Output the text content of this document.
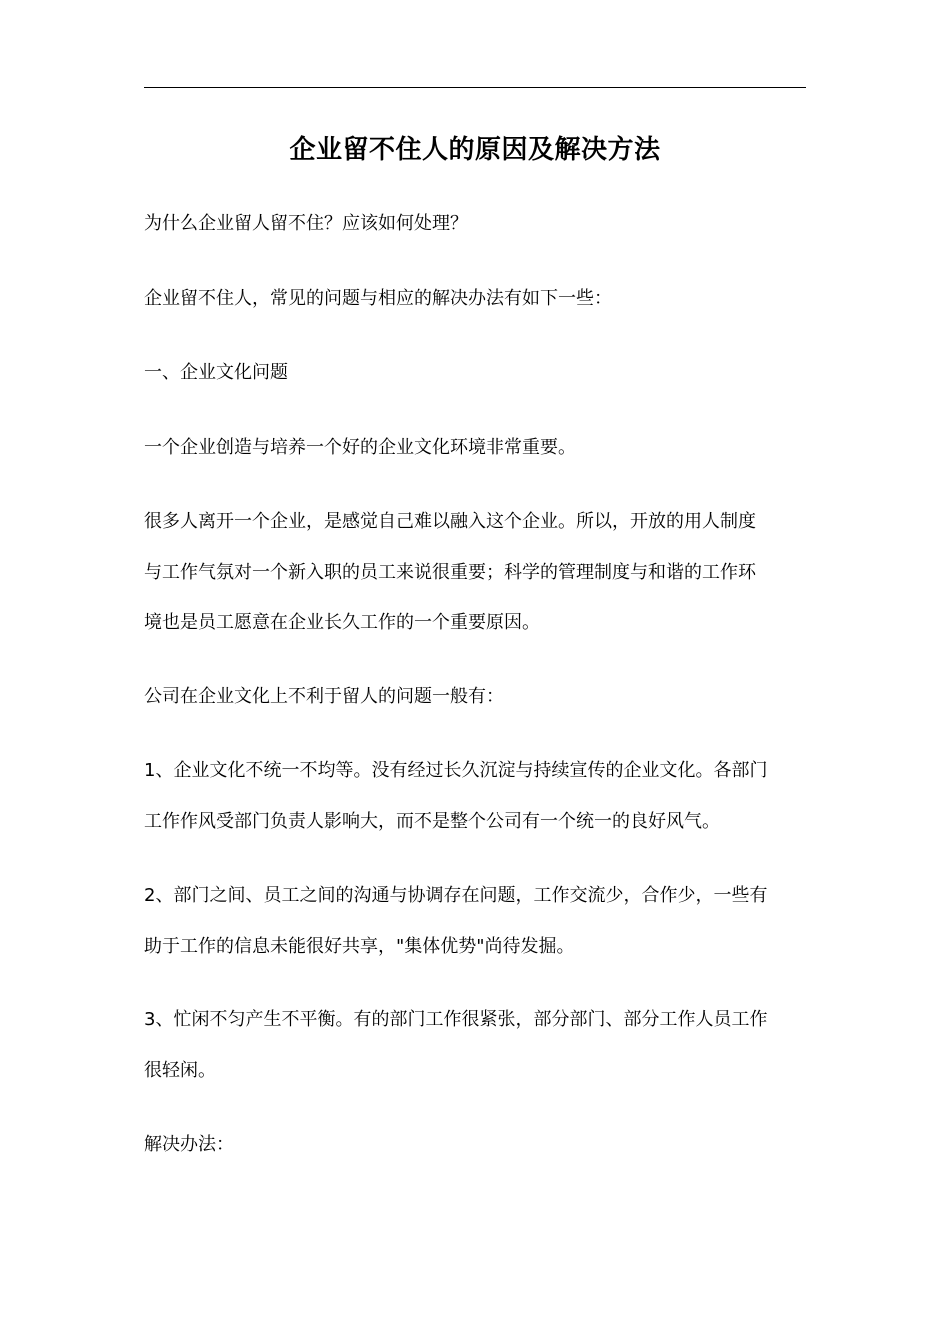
企业留不住人的原因及解决方法

为什么企业留人留不住？应该如何处理？

企业留不住人，常见的问题与相应的解决办法有如下一些：

一、企业文化问题

一个企业创造与培养一个好的企业文化环境非常重要。

很多人离开一个企业，是感觉自己难以融入这个企业。所以，开放的用人制度
与工作气氛对一个新入职的员工来说很重要；科学的管理制度与和谐的工作环
境也是员工愿意在企业长久工作的一个重要原因。

公司在企业文化上不利于留人的问题一般有：

1、企业文化不统一不均等。没有经过长久沉淀与持续宣传的企业文化。各部门
工作作风受部门负责人影响大，而不是整个公司有一个统一的良好风气。

2、部门之间、员工之间的沟通与协调存在问题，工作交流少，合作少，一些有
助于工作的信息未能很好共享，"集体优势"尚待发掘。

3、忙闲不匀产生不平衡。有的部门工作很紧张，部分部门、部分工作人员工作
很轻闲。

解决办法：
